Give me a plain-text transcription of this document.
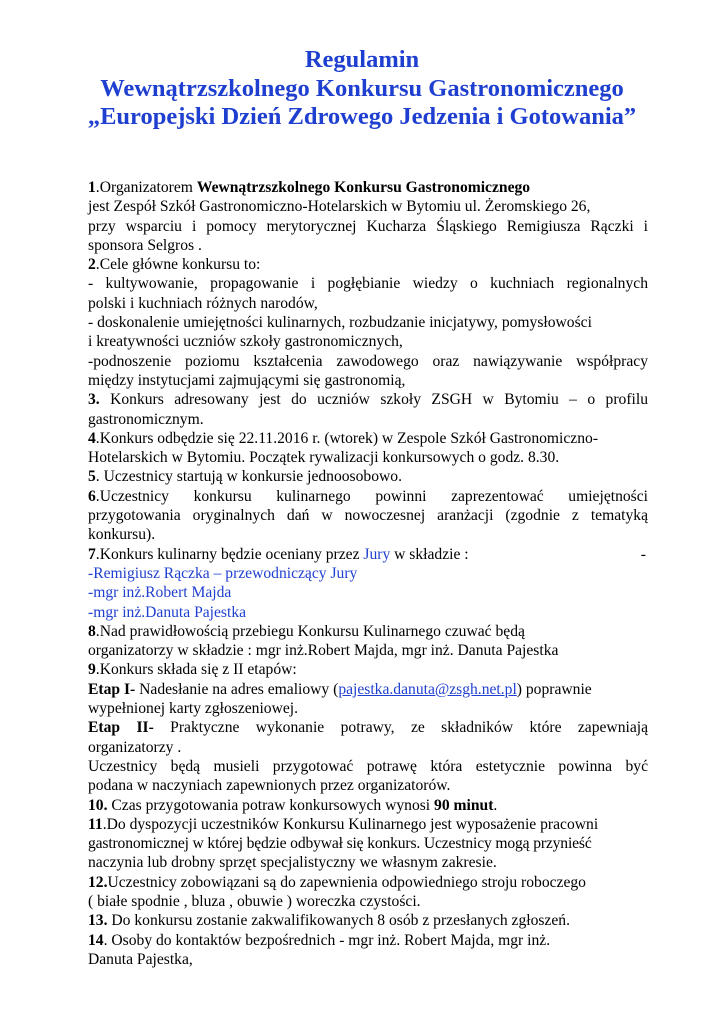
Regulamin
Wewnątrzszkolnego Konkursu Gastronomicznego
„Europejski Dzień Zdrowego Jedzenia i Gotowania”
1.Organizatorem Wewnątrzszkolnego Konkursu Gastronomicznego
jest Zespół Szkół Gastronomiczno-Hotelarskich w Bytomiu ul. Żeromskiego 26,
przy wsparciu i pomocy merytorycznej Kucharza Śląskiego Remigiusza Rączki i
sponsora Selgros .
2.Cele główne konkursu to:
- kultywowanie, propagowanie i pogłębianie wiedzy o kuchniach regionalnych
polski i kuchniach różnych narodów,
- doskonalenie umiejętności kulinarnych, rozbudzanie inicjatywy, pomysłowości
i kreatywności uczniów szkoły gastronomicznych,
-podnoszenie poziomu kształcenia zawodowego oraz nawiązywanie współpracy
między instytucjami zajmującymi się gastronomią,
3. Konkurs adresowany jest do uczniów szkoły ZSGH w Bytomiu – o profilu
gastronomicznym.
4.Konkurs odbędzie się 22.11.2016 r. (wtorek) w Zespole Szkół Gastronomiczno-
Hotelarskich w Bytomiu. Początek rywalizacji konkursowych o godz. 8.30.
5. Uczestnicy startują w konkursie jednoosobowo.
6.Uczestnicy konkursu kulinarnego powinni zaprezentować umiejętności
przygotowania oryginalnych dań w nowoczesnej aranżacji (zgodnie z tematyką
konkursu).
7.Konkurs kulinarny będzie oceniany przez Jury w składzie :	-
-Remigiusz Rączka – przewodniczący Jury
-mgr inż.Robert Majda
-mgr inż.Danuta Pajestka
8.Nad prawidłowością przebiegu Konkursu Kulinarnego czuwać będą
organizatorzy w składzie : mgr inż.Robert Majda, mgr inż. Danuta Pajestka
9.Konkurs składa się z II etapów:
Etap I- Nadesłanie na adres emaliowy (pajestka.danuta@zsgh.net.pl) poprawnie
wypełnionej karty zgłoszeniowej.
Etap II- Praktyczne wykonanie potrawy, ze składników które zapewniają
organizatorzy .
Uczestnicy będą musieli przygotować potrawę która estetycznie powinna być
podana w naczyniach zapewnionych przez organizatorów.
10. Czas przygotowania potraw konkursowych wynosi 90 minut.
11.Do dyspozycji uczestników Konkursu Kulinarnego jest wyposażenie pracowni
gastronomicznej w której będzie odbywał się konkurs. Uczestnicy mogą przynieść
naczynia lub drobny sprzęt specjalistyczny we własnym zakresie.
12.Uczestnicy zobowiązani są do zapewnienia odpowiedniego stroju roboczego
( białe spodnie , bluza , obuwie ) woreczka czystości.
13. Do konkursu zostanie zakwalifikowanych 8 osób z przesłanych zgłoszeń.
14. Osoby do kontaktów bezpośrednich - mgr inż. Robert Majda, mgr inż.
Danuta Pajestka,
